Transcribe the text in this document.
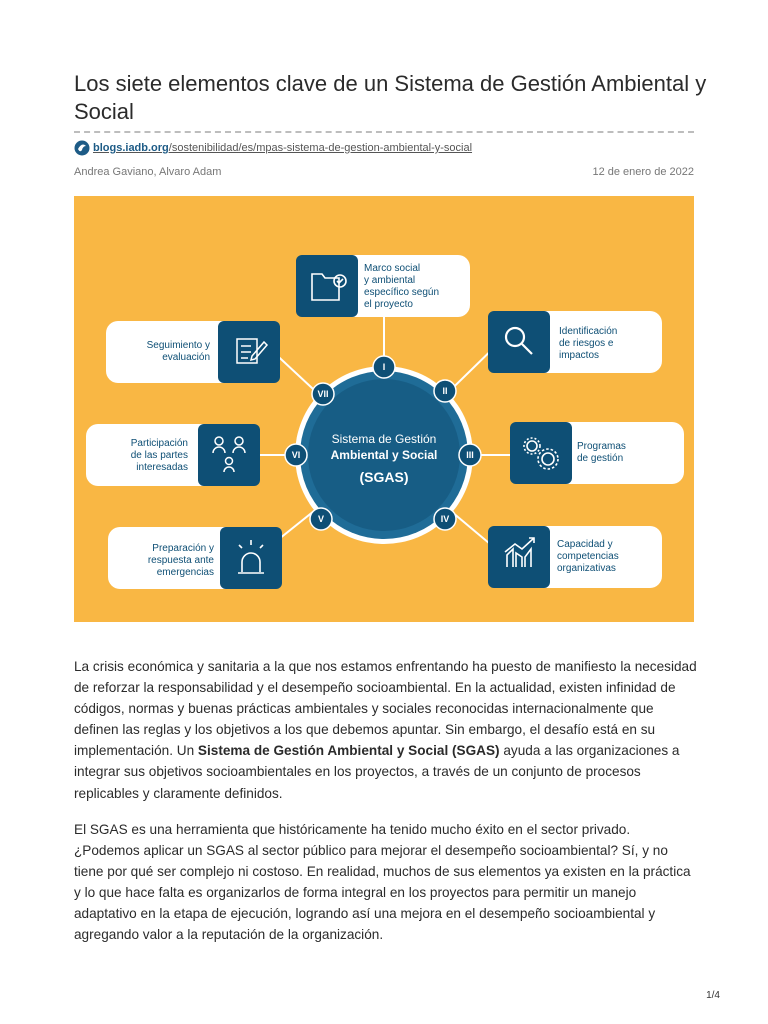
Los siete elementos clave de un Sistema de Gestión Ambiental y Social
blogs.iadb.org/sostenibilidad/es/mpas-sistema-de-gestion-ambiental-y-social
Andrea Gaviano, Alvaro Adam	12 de enero de 2022
Sistema de Gestión
Ambiental y Social
(SGAS)
Marco social
y ambiental
específico según
el proyecto
Identificación
de riesgos e
impactos
Programas
de gestión
Capacidad y
competencias
organizativas
Preparación y
respuesta ante
emergencias
Participación
de las partes
interesadas
Seguimiento y
evaluación
I
II
III
IV
V
VI
VII

La crisis económica y sanitaria a la que nos estamos enfrentando ha puesto de manifiesto la necesidad de reforzar la responsabilidad y el desempeño socioambiental. En la actualidad, existen infinidad de códigos, normas y buenas prácticas ambientales y sociales reconocidas internacionalmente que definen las reglas y los objetivos a los que debemos apuntar. Sin embargo, el desafío está en su implementación. Un Sistema de Gestión Ambiental y Social (SGAS) ayuda a las organizaciones a integrar sus objetivos socioambientales en los proyectos, a través de un conjunto de procesos replicables y claramente definidos.

El SGAS es una herramienta que históricamente ha tenido mucho éxito en el sector privado. ¿Podemos aplicar un SGAS al sector público para mejorar el desempeño socioambiental? Sí, y no tiene por qué ser complejo ni costoso. En realidad, muchos de sus elementos ya existen en la práctica y lo que hace falta es organizarlos de forma integral en los proyectos para permitir un manejo adaptativo en la etapa de ejecución, logrando así una mejora en el desempeño socioambiental y agregando valor a la reputación de la organización.

1/4
